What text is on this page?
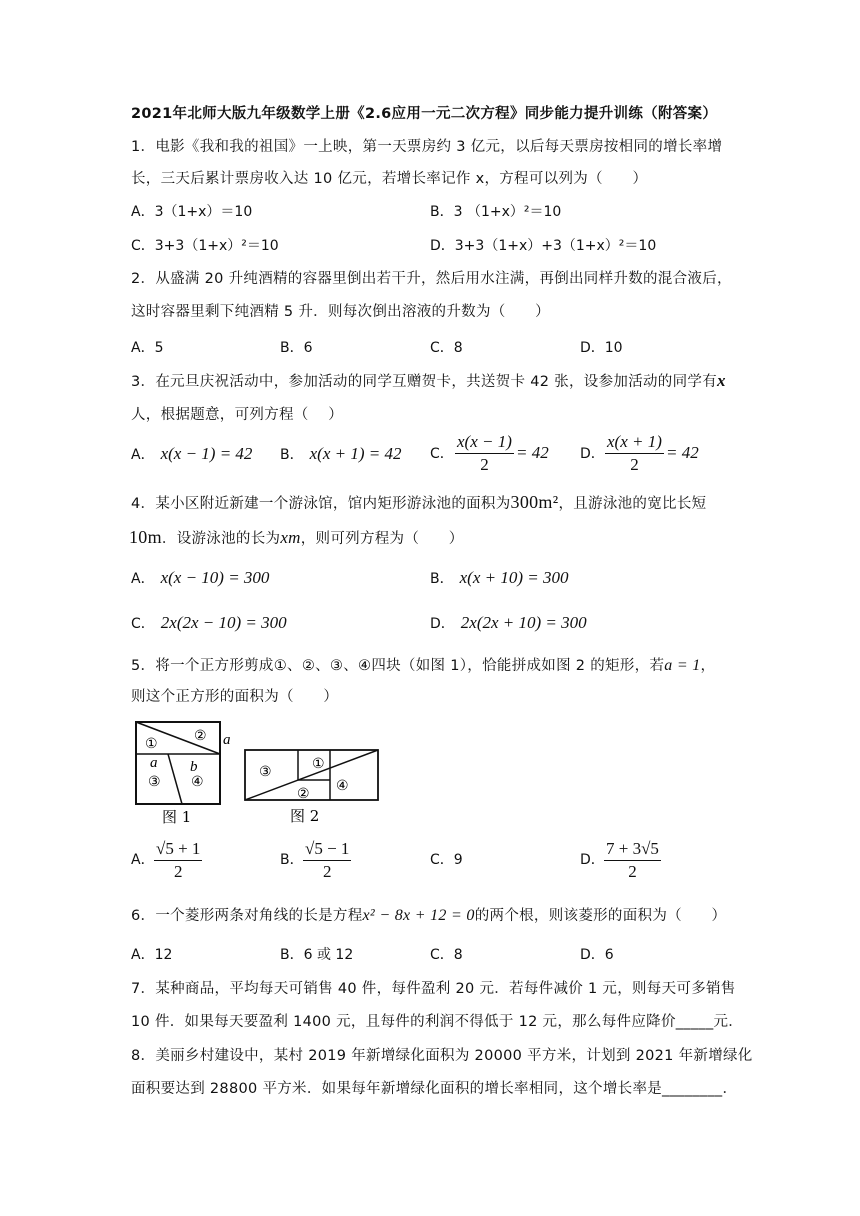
2021年北师大版九年级数学上册《2.6应用一元二次方程》同步能力提升训练（附答案）
1．电影《我和我的祖国》一上映，第一天票房约 3 亿元，以后每天票房按相同的增长率增
长，三天后累计票房收入达 10 亿元，若增长率记作 x，方程可以列为（　　）
A．3（1+x）＝10	B．3 （1+x）²＝10
C．3+3（1+x）²＝10	D．3+3（1+x）+3（1+x）²＝10
2．从盛满 20 升纯酒精的容器里倒出若干升，然后用水注满，再倒出同样升数的混合液后，
这时容器里剩下纯酒精 5 升．则每次倒出溶液的升数为（　　）
A．5	B．6	C．8	D．10
3．在元旦庆祝活动中，参加活动的同学互赠贺卡，共送贺卡 42 张，设参加活动的同学有x
人，根据题意，可列方程（　 ）
A． x(x − 1) = 42 B． x(x + 1) = 42 C． $\frac{x(x - 1)}{2} = 42$ D． $\frac{x(x + 1)}{2} = 42$
4．某小区附近新建一个游泳馆，馆内矩形游泳池的面积为300m²，且游泳池的宽比长短
10m．设游泳池的长为xm，则可列方程为（　　）
A． x(x − 10) = 300	B． x(x + 10) = 300
C． 2x(2x − 10) = 300	D． 2x(2x + 10) = 300
5．将一个正方形剪成①、②、③、④四块（如图 1），恰能拼成如图 2 的矩形，若a = 1，
则这个正方形的面积为（　　）
①	②
③ ④
a
a b
图 1
③	①
② ④
图 2
A． $\frac{√5 + 1}{2}$	B． $\frac{√5 - 1}{2}$	C．9	D． $\frac{7 + 3√5}{2}$
6．一个菱形两条对角线的长是方程x² − 8x + 12 = 0的两个根，则该菱形的面积为（　　）
A．12	B．6 或 12	C．8	D．6
7．某种商品，平均每天可销售 40 件，每件盈利 20 元．若每件减价 1 元，则每天可多销售
10 件．如果每天要盈利 1400 元，且每件的利润不得低于 12 元，那么每件应降价_____元．
8．美丽乡村建设中，某村 2019 年新增绿化面积为 20000 平方米，计划到 2021 年新增绿化
面积要达到 28800 平方米．如果每年新增绿化面积的增长率相同，这个增长率是________．
